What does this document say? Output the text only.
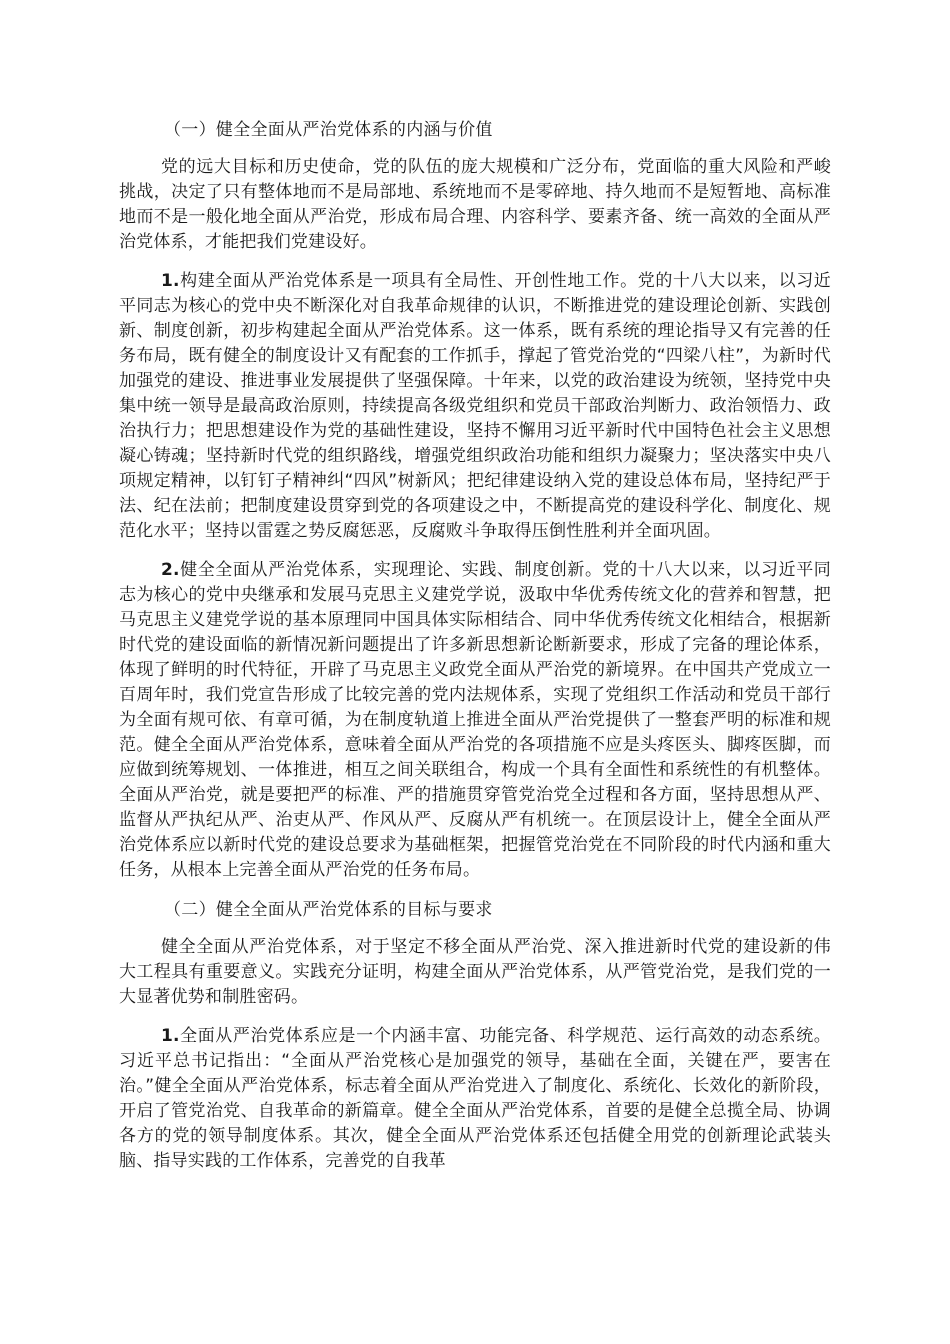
（一）健全全面从严治党体系的内涵与价值

党的远大目标和历史使命，党的队伍的庞大规模和广泛分布，党面临的重大风险和严峻挑战，决定了只有整体地而不是局部地、系统地而不是零碎地、持久地而不是短暂地、高标准地而不是一般化地全面从严治党，形成布局合理、内容科学、要素齐备、统一高效的全面从严治党体系，才能把我们党建设好。

1.构建全面从严治党体系是一项具有全局性、开创性地工作。党的十八大以来，以习近平同志为核心的党中央不断深化对自我革命规律的认识，不断推进党的建设理论创新、实践创新、制度创新，初步构建起全面从严治党体系。这一体系，既有系统的理论指导又有完善的任务布局，既有健全的制度设计又有配套的工作抓手，撑起了管党治党的“四梁八柱”，为新时代加强党的建设、推进事业发展提供了坚强保障。十年来，以党的政治建设为统领，坚持党中央集中统一领导是最高政治原则，持续提高各级党组织和党员干部政治判断力、政治领悟力、政治执行力；把思想建设作为党的基础性建设，坚持不懈用习近平新时代中国特色社会主义思想凝心铸魂；坚持新时代党的组织路线，增强党组织政治功能和组织力凝聚力；坚决落实中央八项规定精神，以钉钉子精神纠“四风”树新风；把纪律建设纳入党的建设总体布局，坚持纪严于法、纪在法前；把制度建设贯穿到党的各项建设之中，不断提高党的建设科学化、制度化、规范化水平；坚持以雷霆之势反腐惩恶，反腐败斗争取得压倒性胜利并全面巩固。

2.健全全面从严治党体系，实现理论、实践、制度创新。党的十八大以来，以习近平同志为核心的党中央继承和发展马克思主义建党学说，汲取中华优秀传统文化的营养和智慧，把马克思主义建党学说的基本原理同中国具体实际相结合、同中华优秀传统文化相结合，根据新时代党的建设面临的新情况新问题提出了许多新思想新论断新要求，形成了完备的理论体系，体现了鲜明的时代特征，开辟了马克思主义政党全面从严治党的新境界。在中国共产党成立一百周年时，我们党宣告形成了比较完善的党内法规体系，实现了党组织工作活动和党员干部行为全面有规可依、有章可循，为在制度轨道上推进全面从严治党提供了一整套严明的标准和规范。健全全面从严治党体系，意味着全面从严治党的各项措施不应是头疼医头、脚疼医脚，而应做到统筹规划、一体推进，相互之间关联组合，构成一个具有全面性和系统性的有机整体。全面从严治党，就是要把严的标准、严的措施贯穿管党治党全过程和各方面，坚持思想从严、监督从严执纪从严、治吏从严、作风从严、反腐从严有机统一。在顶层设计上，健全全面从严治党体系应以新时代党的建设总要求为基础框架，把握管党治党在不同阶段的时代内涵和重大任务，从根本上完善全面从严治党的任务布局。

（二）健全全面从严治党体系的目标与要求

健全全面从严治党体系，对于坚定不移全面从严治党、深入推进新时代党的建设新的伟大工程具有重要意义。实践充分证明，构建全面从严治党体系，从严管党治党，是我们党的一大显著优势和制胜密码。

1.全面从严治党体系应是一个内涵丰富、功能完备、科学规范、运行高效的动态系统。习近平总书记指出：“全面从严治党核心是加强党的领导，基础在全面，关键在严，要害在治。”健全全面从严治党体系，标志着全面从严治党进入了制度化、系统化、长效化的新阶段，开启了管党治党、自我革命的新篇章。健全全面从严治党体系，首要的是健全总揽全局、协调各方的党的领导制度体系。其次，健全全面从严治党体系还包括健全用党的创新理论武装头脑、指导实践的工作体系，完善党的自我革
